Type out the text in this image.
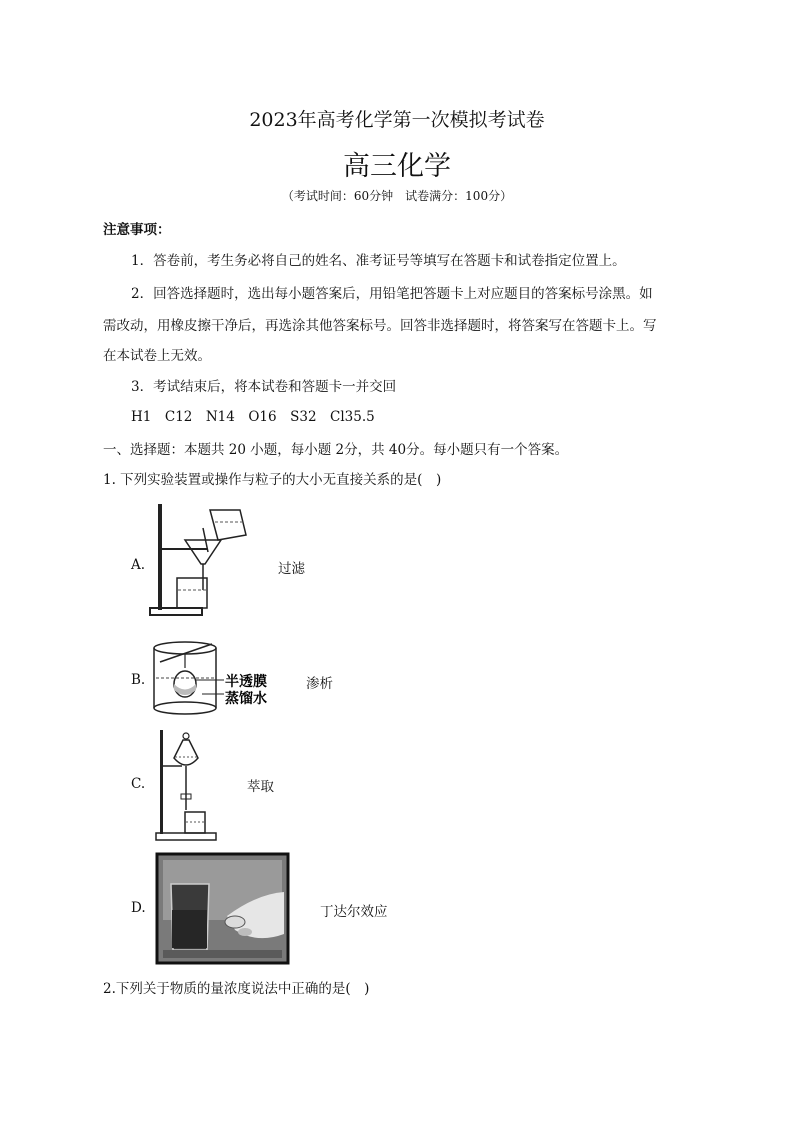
2023年高考化学第一次模拟考试卷
高三化学
（考试时间：60分钟　试卷满分：100分）
注意事项：
1．答卷前，考生务必将自己的姓名、准考证号等填写在答题卡和试卷指定位置上。
2．回答选择题时，选出每小题答案后，用铅笔把答题卡上对应题目的答案标号涂黑。如
需改动，用橡皮擦干净后，再选涂其他答案标号。回答非选择题时，将答案写在答题卡上。写
在本试卷上无效。
3．考试结束后，将本试卷和答题卡一并交回
H1　C12　N14　O16　S32　Cl35.5
一、选择题：本题共 20 小题，每小题 2分，共 40分。每小题只有一个答案。
1. 下列实验装置或操作与粒子的大小无直接关系的是(　)
A.	过滤
B.	半透膜
蒸馏水
渗析
C.	萃取
D.	丁达尔效应
2.下列关于物质的量浓度说法中正确的是(　)
